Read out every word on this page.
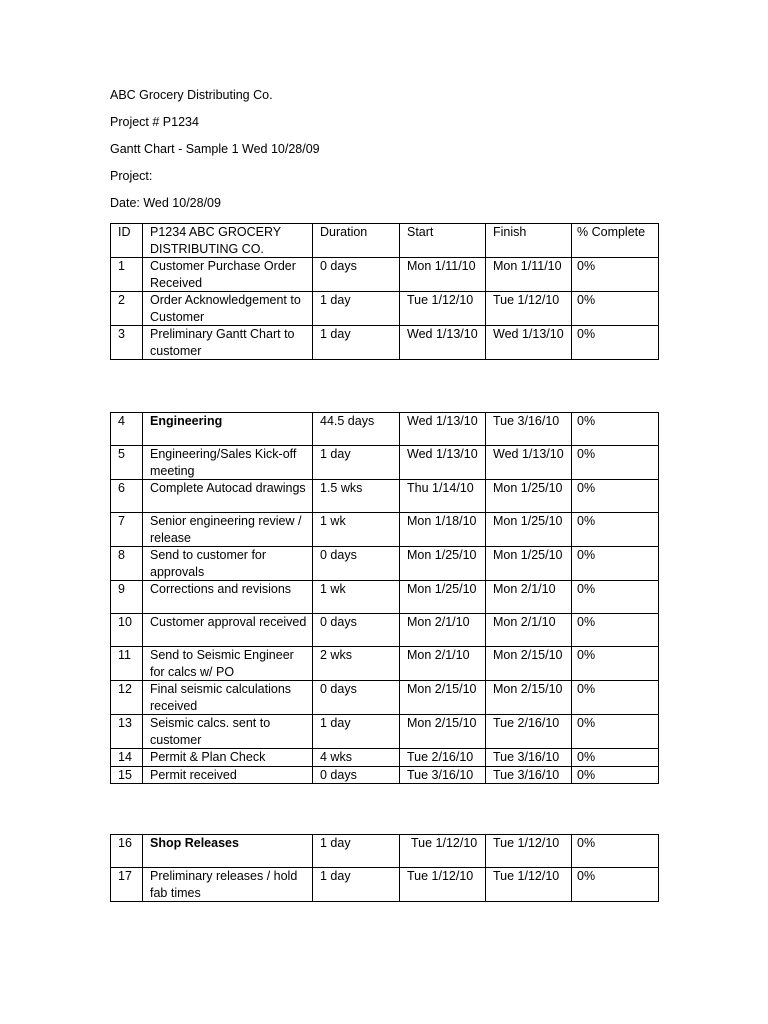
ABC Grocery Distributing Co.

Project # P1234

Gantt Chart - Sample 1 Wed 10/28/09

Project:

Date: Wed 10/28/09

ID	P1234 ABC GROCERY DISTRIBUTING CO.	Duration	Start	Finish	% Complete
1	Customer Purchase Order Received	0 days	Mon 1/11/10	Mon 1/11/10	0%
2	Order Acknowledgement to Customer	1 day	Tue 1/12/10	Tue 1/12/10	0%
3	Preliminary Gantt Chart to customer	1 day	Wed 1/13/10	Wed 1/13/10	0%
4	Engineering	44.5 days	Wed 1/13/10	Tue 3/16/10	0%
5	Engineering/Sales Kick-off meeting	1 day	Wed 1/13/10	Wed 1/13/10	0%
6	Complete Autocad drawings	1.5 wks	Thu 1/14/10	Mon 1/25/10	0%
7	Senior engineering review / release	1 wk	Mon 1/18/10	Mon 1/25/10	0%
8	Send to customer for approvals	0 days	Mon 1/25/10	Mon 1/25/10	0%
9	Corrections and revisions	1 wk	Mon 1/25/10	Mon 2/1/10	0%
10	Customer approval received	0 days	Mon 2/1/10	Mon 2/1/10	0%
11	Send to Seismic Engineer for calcs w/ PO	2 wks	Mon 2/1/10	Mon 2/15/10	0%
12	Final seismic calculations received	0 days	Mon 2/15/10	Mon 2/15/10	0%
13	Seismic calcs. sent to customer	1 day	Mon 2/15/10	Tue 2/16/10	0%
14	Permit & Plan Check	4 wks	Tue 2/16/10	Tue 3/16/10	0%
15	Permit received	0 days	Tue 3/16/10	Tue 3/16/10	0%
16	Shop Releases	1 day	Tue 1/12/10	Tue 1/12/10	0%
17	Preliminary releases / hold fab times	1 day	Tue 1/12/10	Tue 1/12/10	0%
